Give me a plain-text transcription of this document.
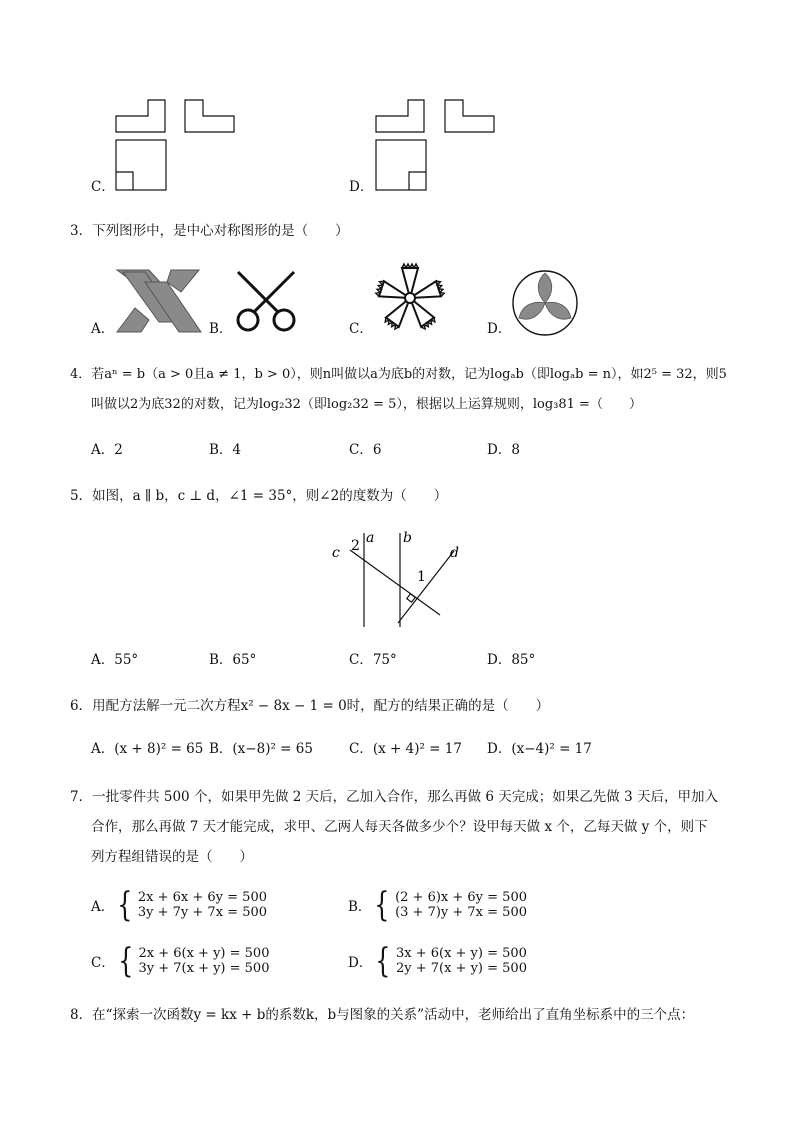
C．	D．
3．下列图形中，是中心对称图形的是（　　）
A．	B．	C．	D．
4．若aⁿ = b（a > 0且a ≠ 1，b > 0），则n叫做以a为底b的对数，记为logₐb（即logₐb = n），如2⁵ = 32，则5
叫做以2为底32的对数，记为log₂32（即log₂32 = 5），根据以上运算规则，log₃81 =（　　）
A．2	B．4	C．6	D．8
5．如图，a ∥ b，c ⊥ d，∠1 = 35°，则∠2的度数为（　　）
a b
c	d
2
1
A．55°	B．65°	C．75°	D．85°
6．用配方法解一元二次方程x² − 8x − 1 = 0时，配方的结果正确的是（　　）
A．(x + 8)² = 65 B．(x−8)² = 65	C．(x + 4)² = 17 D．(x−4)² = 17
7．一批零件共 500 个，如果甲先做 2 天后，乙加入合作，那么再做 6 天完成；如果乙先做 3 天后，甲加入
合作，那么再做 7 天才能完成，求甲、乙两人每天各做多少个？设甲每天做 x 个，乙每天做 y 个，则下
列方程组错误的是（　　）
A． { 2x + 6x + 6y = 500
3y + 7y + 7x = 500	B． { (2 + 6)x + 6y = 500
(3 + 7)y + 7x = 500
C． { 2x + 6(x + y) = 500
3y + 7(x + y) = 500	D． { 3x + 6(x + y) = 500
2y + 7(x + y) = 500
8．在“探索一次函数y = kx + b的系数k，b与图象的关系”活动中，老师给出了直角坐标系中的三个点：
